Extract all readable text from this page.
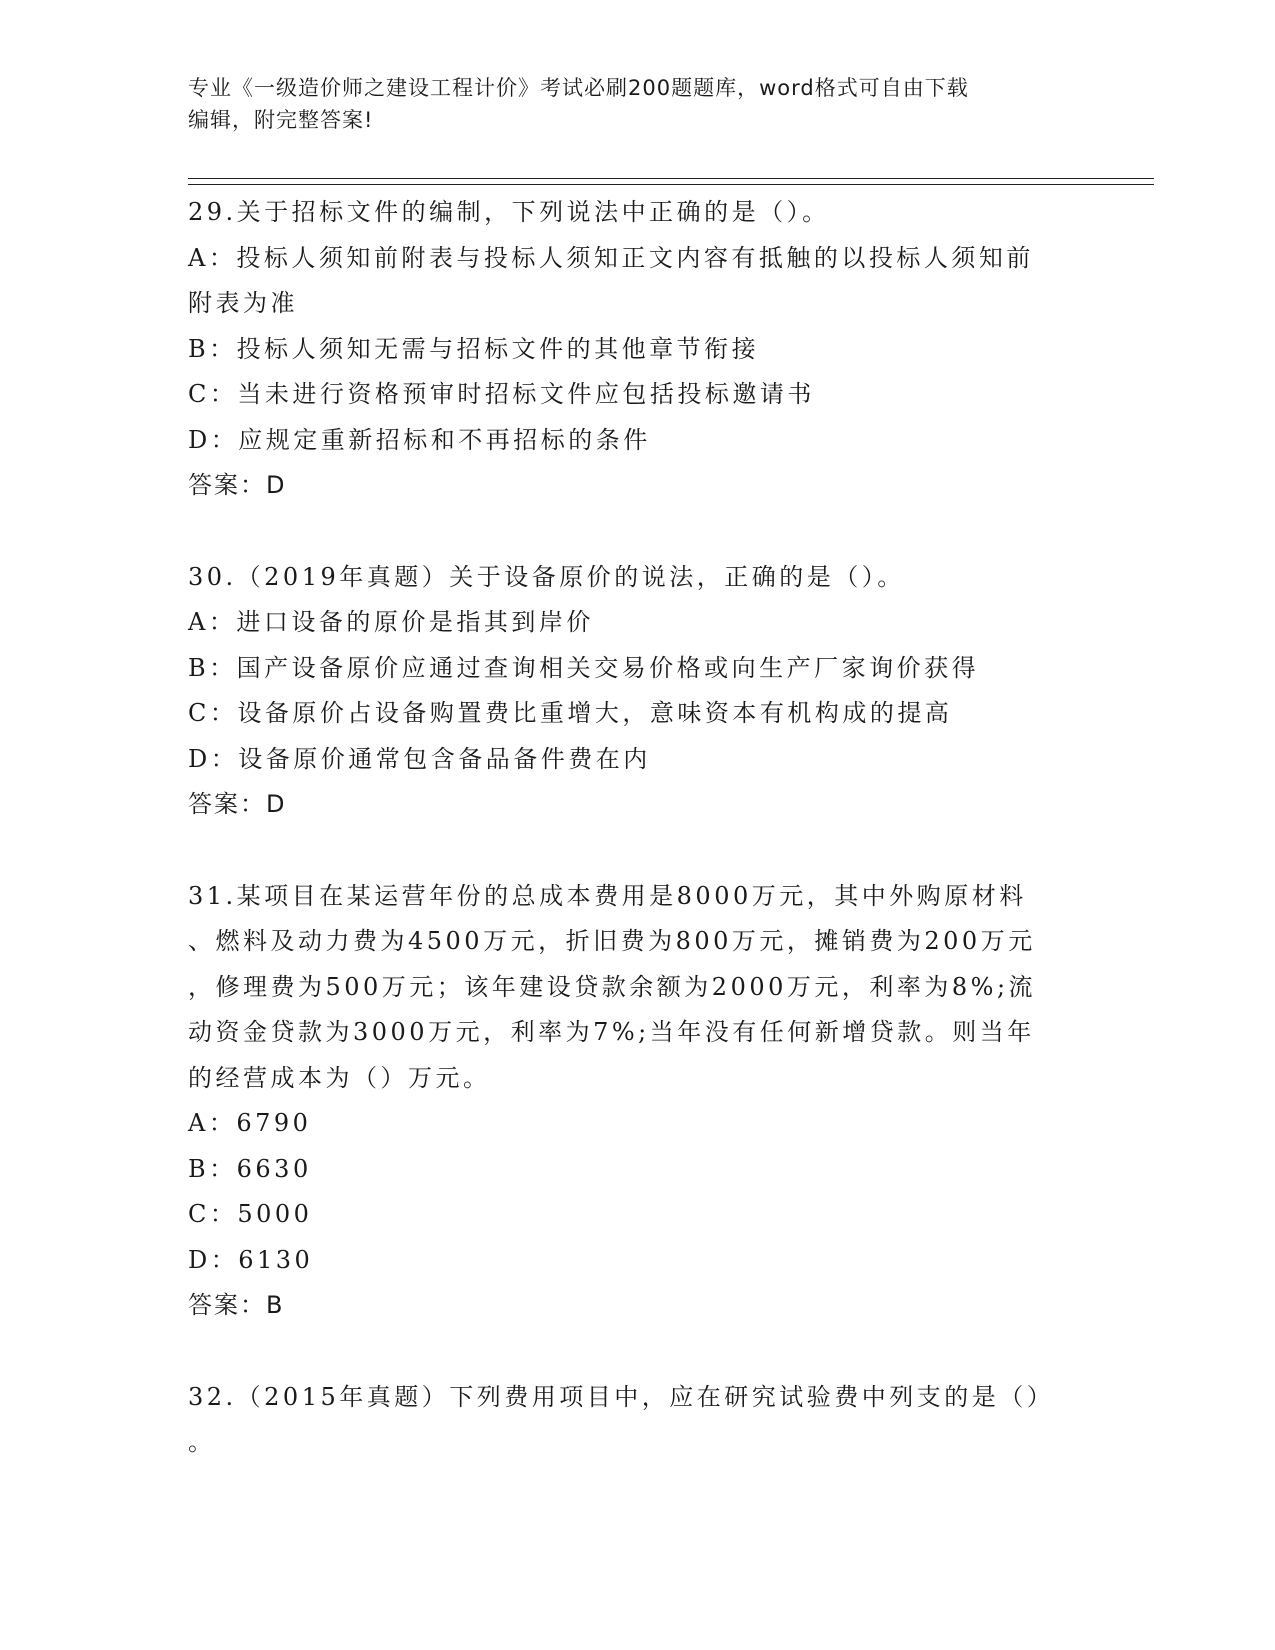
专业《一级造价师之建设工程计价》考试必刷200题题库，word格式可自由下载
编辑，附完整答案!
29.关于招标文件的编制，下列说法中正确的是（）。
A：投标人须知前附表与投标人须知正文内容有抵触的以投标人须知前
附表为准
B：投标人须知无需与招标文件的其他章节衔接
C：当未进行资格预审时招标文件应包括投标邀请书
D：应规定重新招标和不再招标的条件
答案：D
30.（2019年真题）关于设备原价的说法，正确的是（）。
A：进口设备的原价是指其到岸价
B：国产设备原价应通过查询相关交易价格或向生产厂家询价获得
C：设备原价占设备购置费比重增大，意味资本有机构成的提高
D：设备原价通常包含备品备件费在内
答案：D
31.某项目在某运营年份的总成本费用是8000万元，其中外购原材料
、燃料及动力费为4500万元，折旧费为800万元，摊销费为200万元
，修理费为500万元；该年建设贷款余额为2000万元，利率为8%;流
动资金贷款为3000万元，利率为7%;当年没有任何新增贷款。则当年
的经营成本为（）万元。
A：6790
B：6630
C：5000
D：6130
答案：B
32.（2015年真题）下列费用项目中，应在研究试验费中列支的是（）
。
